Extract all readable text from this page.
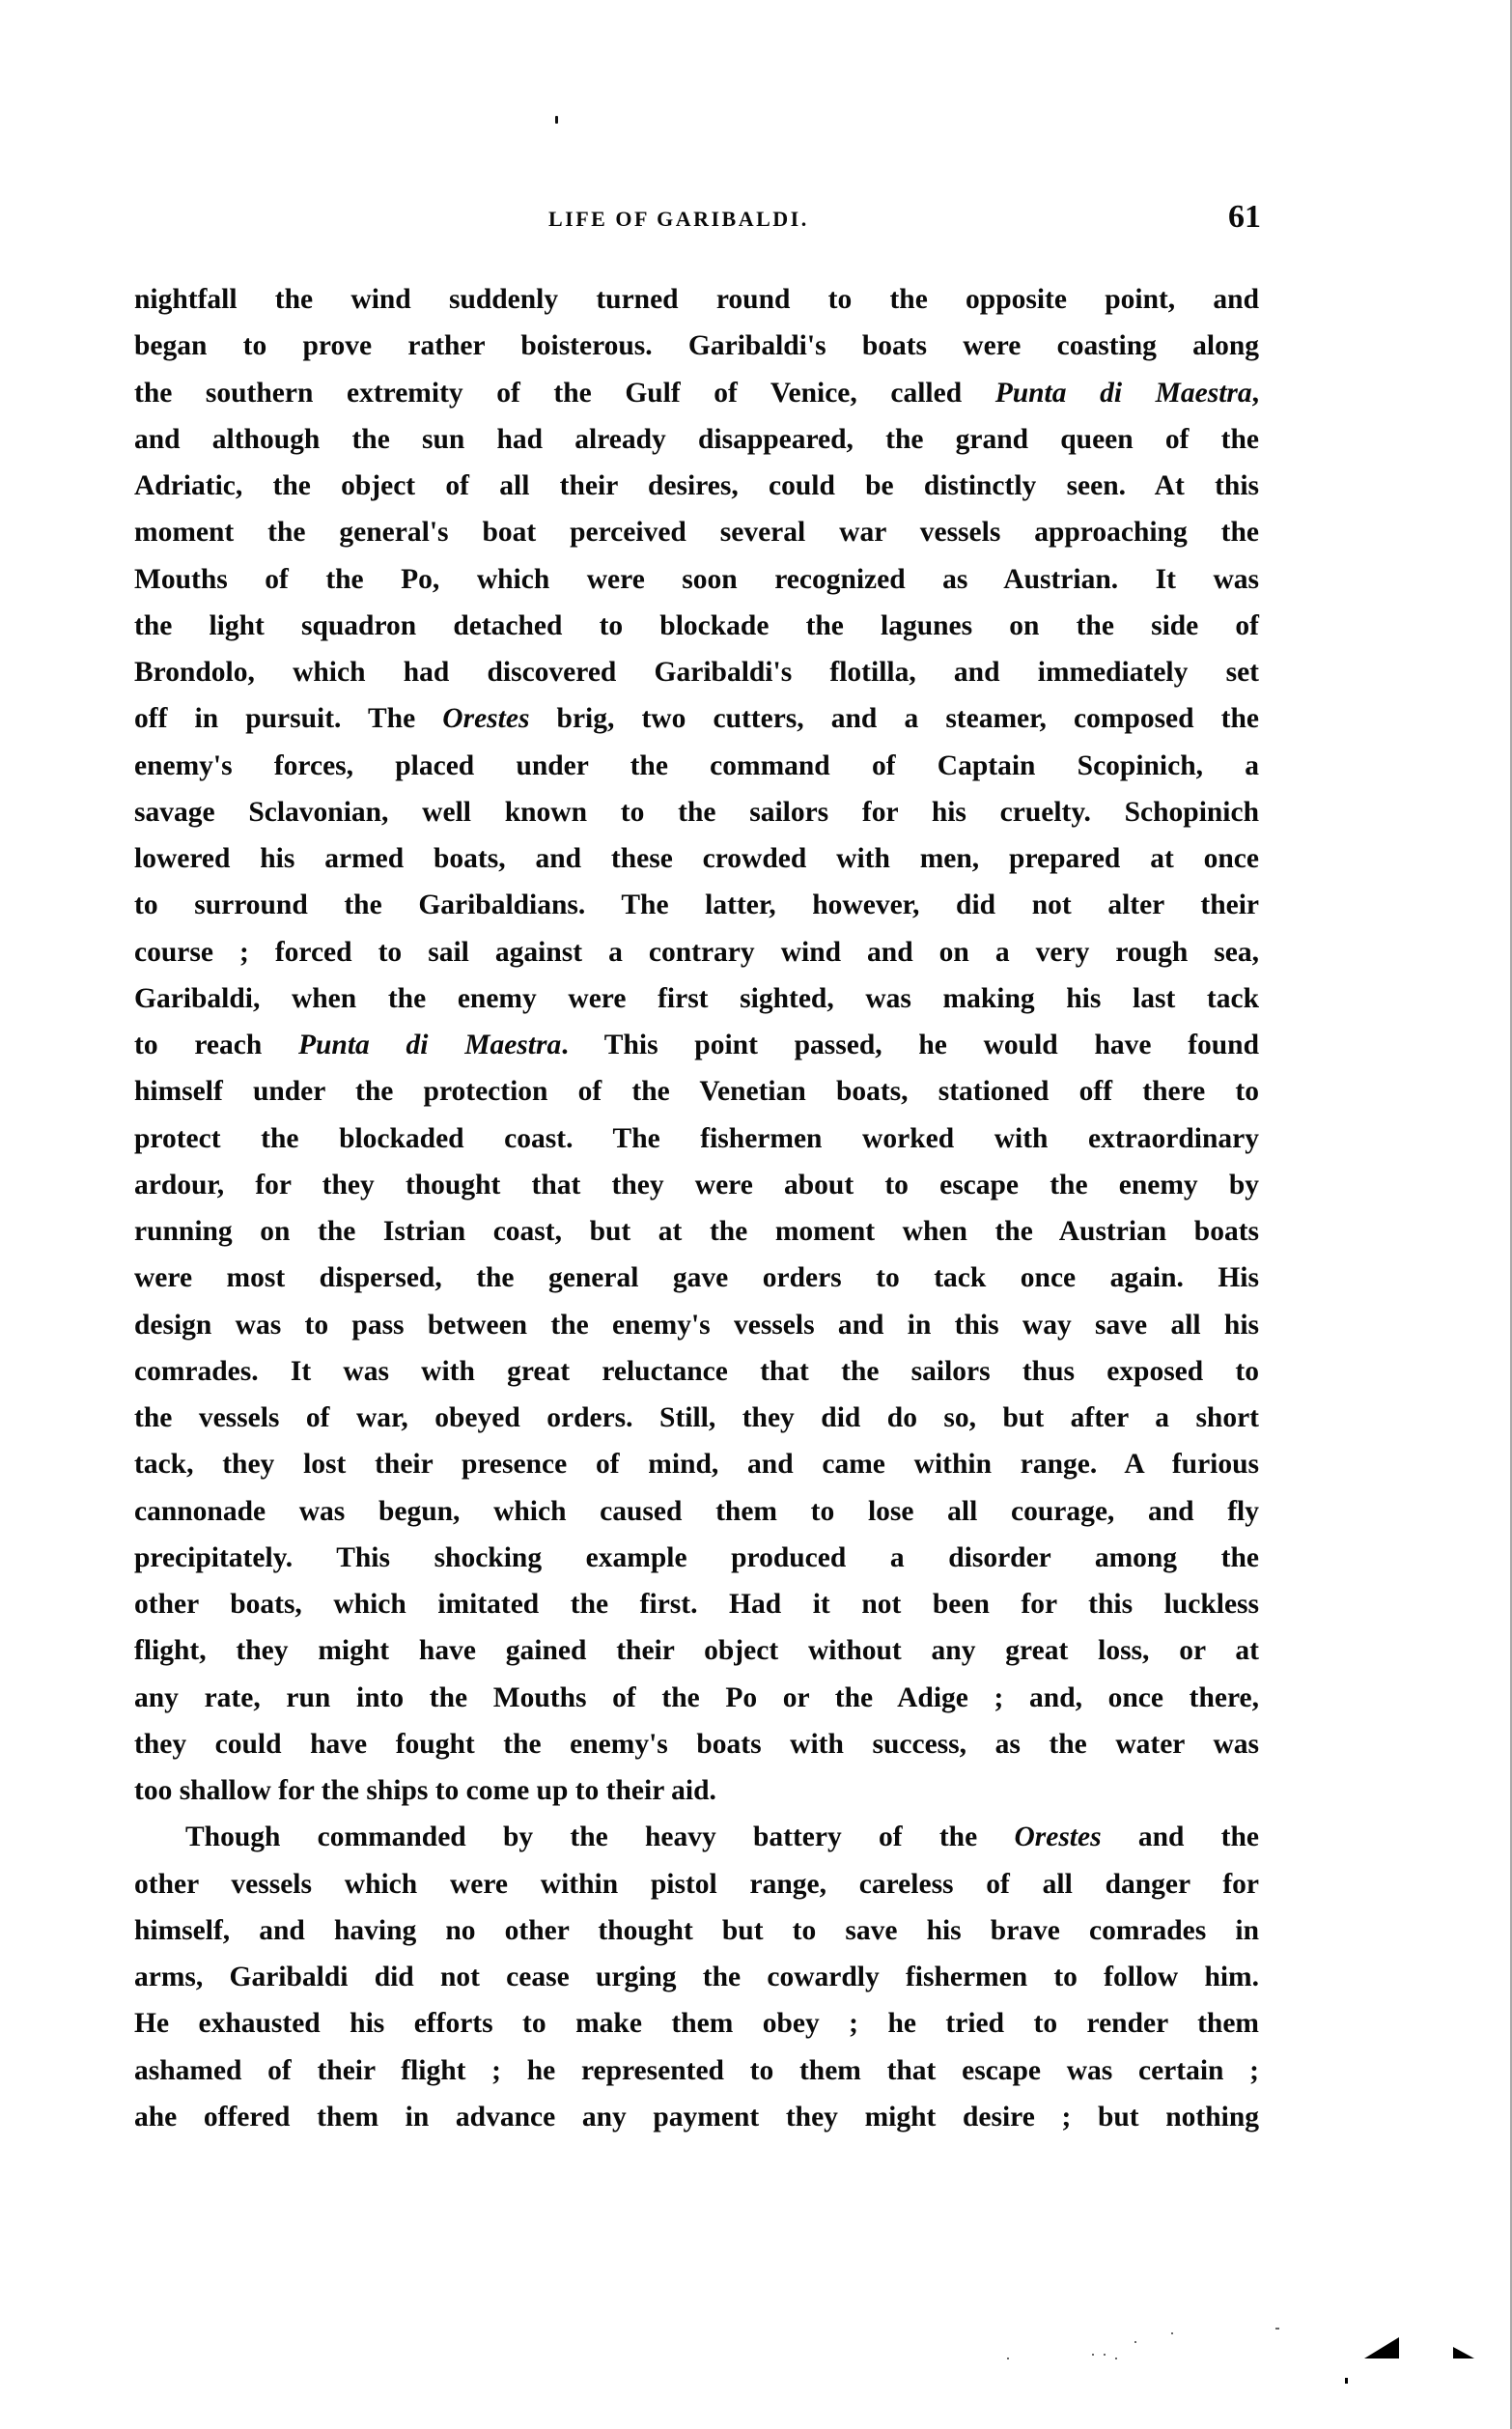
LIFE OF GARIBALDI.	61
nightfall the wind suddenly turned round to the opposite point, and
began to prove rather boisterous. Garibaldi's boats were coasting along
the southern extremity of the Gulf of Venice, called Punta di Maestra,
and although the sun had already disappeared, the grand queen of the
Adriatic, the object of all their desires, could be distinctly seen. At this
moment the general's boat perceived several war vessels approaching the
Mouths of the Po, which were soon recognized as Austrian. It was
the light squadron detached to blockade the lagunes on the side of
Brondolo, which had discovered Garibaldi's flotilla, and immediately set
off in pursuit. The Orestes brig, two cutters, and a steamer, composed the
enemy's forces, placed under the command of Captain Scopinich, a
savage Sclavonian, well known to the sailors for his cruelty. Schopinich
lowered his armed boats, and these crowded with men, prepared at once
to surround the Garibaldians. The latter, however, did not alter their
course ; forced to sail against a contrary wind and on a very rough sea,
Garibaldi, when the enemy were first sighted, was making his last tack
to reach Punta di Maestra. This point passed, he would have found
himself under the protection of the Venetian boats, stationed off there to
protect the blockaded coast. The fishermen worked with extraordinary
ardour, for they thought that they were about to escape the enemy by
running on the Istrian coast, but at the moment when the Austrian boats
were most dispersed, the general gave orders to tack once again. His
design was to pass between the enemy's vessels and in this way save all his
comrades. It was with great reluctance that the sailors thus exposed to
the vessels of war, obeyed orders. Still, they did do so, but after a short
tack, they lost their presence of mind, and came within range. A furious
cannonade was begun, which caused them to lose all courage, and fly
precipitately. This shocking example produced a disorder among the
other boats, which imitated the first. Had it not been for this luckless
flight, they might have gained their object without any great loss, or at
any rate, run into the Mouths of the Po or the Adige ; and, once there,
they could have fought the enemy's boats with success, as the water was
too shallow for the ships to come up to their aid.
Though commanded by the heavy battery of the Orestes and the
other vessels which were within pistol range, careless of all danger for
himself, and having no other thought but to save his brave comrades in
arms, Garibaldi did not cease urging the cowardly fishermen to follow him.
He exhausted his efforts to make them obey ; he tried to render them
ashamed of their flight ; he represented to them that escape was certain ;
ahe offered them in advance any payment they might desire ; but nothing
